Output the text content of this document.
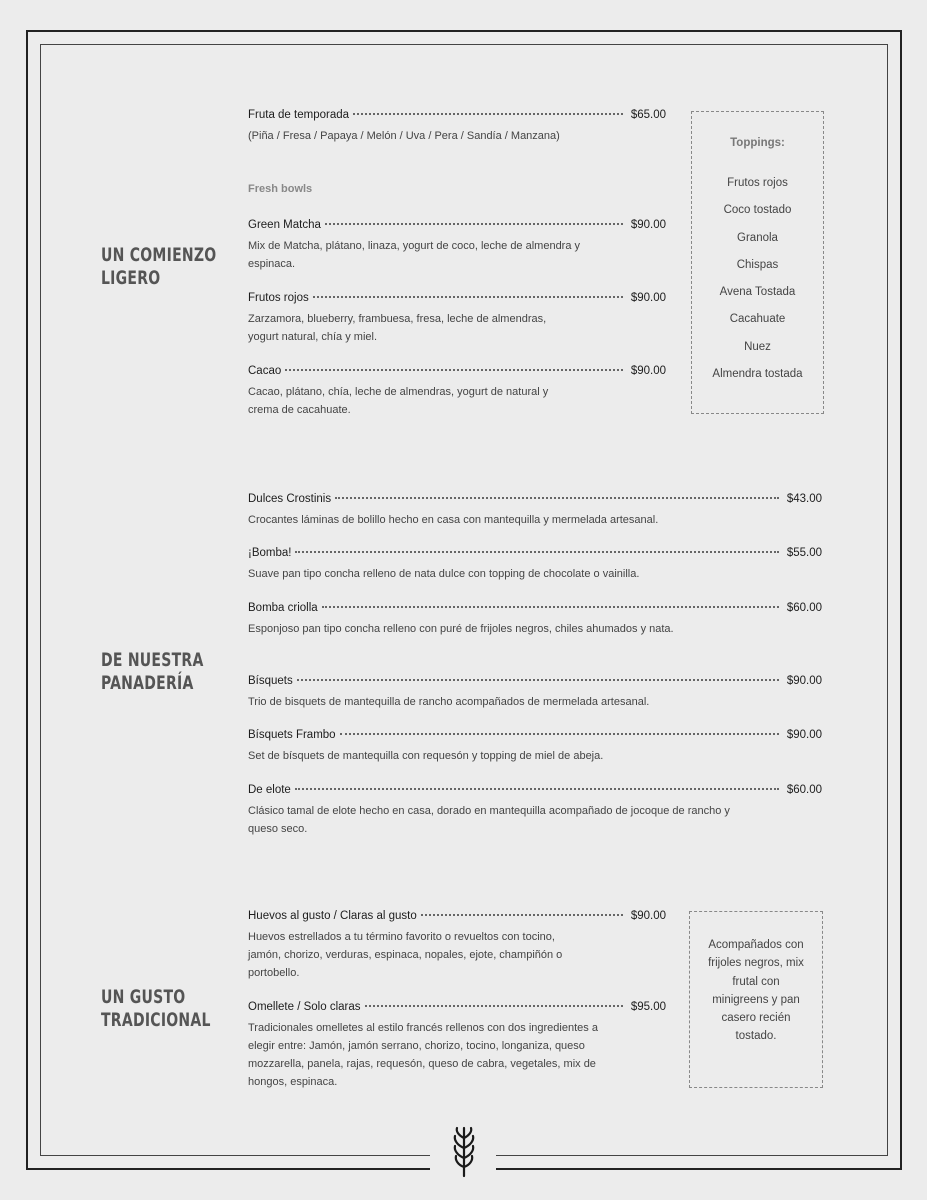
UN COMIENZO
LIGERO
DE NUESTRA
PANADERÍA
UN GUSTO
TRADICIONAL
Fresh bowls
Fruta de temporada	$65.00
(Piña / Fresa / Papaya / Melón / Uva / Pera / Sandía / Manzana)
Green Matcha	$90.00
Mix de Matcha, plátano, linaza, yogurt de coco, leche de almendra y espinaca.
Frutos rojos	$90.00
Zarzamora, blueberry, frambuesa, fresa, leche de almendras, yogurt natural, chía y miel.
Cacao	$90.00
Cacao, plátano, chía, leche de almendras, yogurt de natural y crema de cacahuate.
Dulces Crostinis	$43.00
Crocantes láminas de bolillo hecho en casa con mantequilla y mermelada artesanal.
¡Bomba!	$55.00
Suave pan tipo concha relleno de nata dulce con topping de chocolate o vainilla.
Bomba criolla	$60.00
Esponjoso pan tipo concha relleno con puré de frijoles negros, chiles ahumados y nata.
Bísquets	$90.00
Trio de bisquets de mantequilla de rancho acompañados de mermelada artesanal.
Bísquets Frambo	$90.00
Set de bísquets de mantequilla con requesón y topping de miel de abeja.
De elote	$60.00
Clásico tamal de elote hecho en casa, dorado en mantequilla acompañado de jocoque de rancho y queso seco.
Huevos al gusto / Claras al gusto	$90.00
Huevos estrellados a tu término favorito o revueltos con tocino, jamón, chorizo, verduras, espinaca, nopales, ejote, champiñón o portobello.
Omellete / Solo claras	$95.00
Tradicionales omelletes al estilo francés rellenos con dos ingredientes a elegir entre: Jamón, jamón serrano, chorizo, tocino, longaniza, queso mozzarella, panela, rajas, requesón, queso de cabra, vegetales, mix de hongos, espinaca.
Toppings:
Frutos rojos
Coco tostado
Granola
Chispas
Avena Tostada
Cacahuate
Nuez
Almendra tostada
Acompañados con frijoles negros, mix frutal con minigreens y pan casero recién tostado.
